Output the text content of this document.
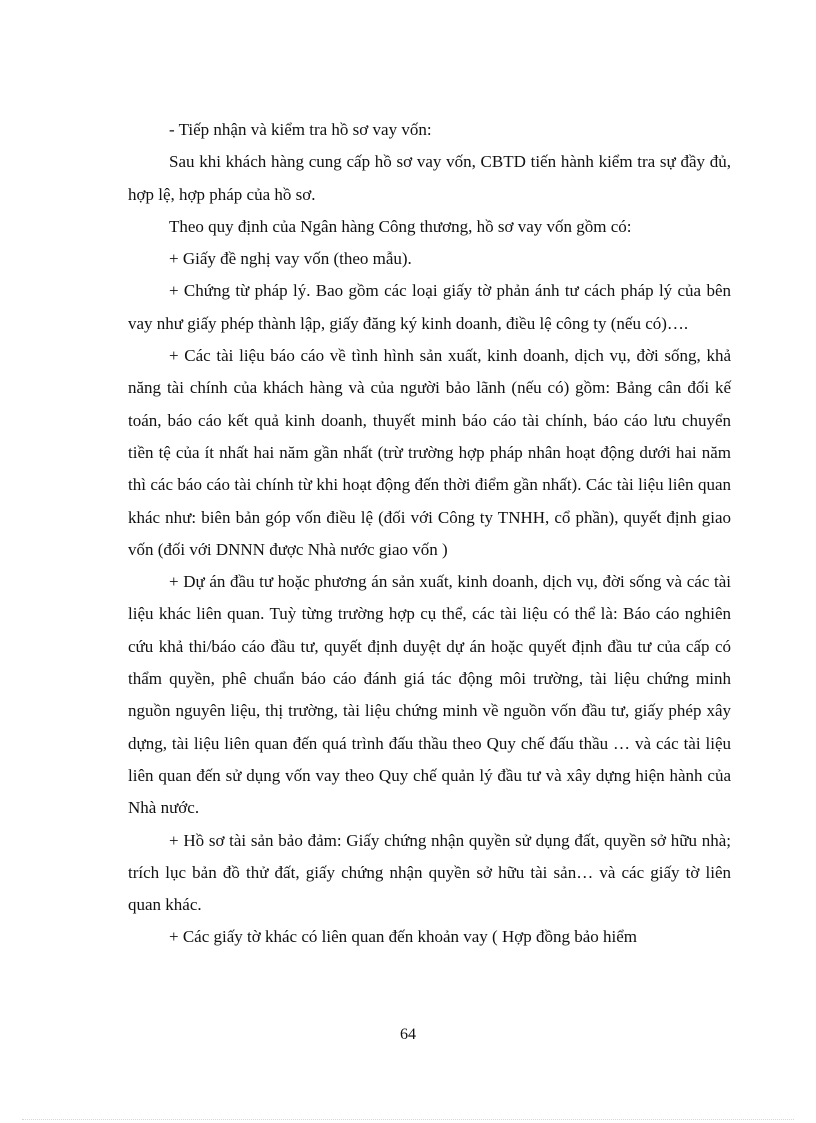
- Tiếp nhận và kiểm tra hồ sơ vay vốn:

Sau khi khách hàng cung cấp hồ sơ vay vốn, CBTD tiến hành kiểm tra sự đầy đủ, hợp lệ, hợp pháp của hồ sơ.

Theo quy định của Ngân hàng Công thương, hồ sơ vay vốn gồm có:

+ Giấy đề nghị vay vốn (theo mẫu).

+ Chứng từ pháp lý. Bao gồm các loại giấy tờ phản ánh tư cách pháp lý của bên vay như giấy phép thành lập, giấy đăng ký kinh doanh, điều lệ công ty (nếu có)….

+ Các tài liệu báo cáo về tình hình sản xuất, kinh doanh, dịch vụ, đời sống, khả năng tài chính của khách hàng và của người bảo lãnh (nếu có) gồm: Bảng cân đối kế toán, báo cáo kết quả kinh doanh, thuyết minh báo cáo tài chính, báo cáo lưu chuyển tiền tệ của ít nhất hai năm gần nhất (trừ trường hợp pháp nhân hoạt động dưới hai năm thì các báo cáo tài chính từ khi hoạt động đến thời điểm gần nhất). Các tài liệu liên quan khác như: biên bản góp vốn điều lệ (đối với Công ty TNHH, cổ phần), quyết định giao vốn (đối với DNNN được Nhà nước giao vốn )

+ Dự án đầu tư hoặc phương án sản xuất, kinh doanh, dịch vụ, đời sống và các tài liệu khác liên quan. Tuỳ từng trường hợp cụ thể, các tài liệu có thể là: Báo cáo nghiên cứu khả thi/báo cáo đầu tư, quyết định duyệt dự án hoặc quyết định đầu tư của cấp có thẩm quyền, phê chuẩn báo cáo đánh giá tác động môi trường, tài liệu chứng minh nguồn nguyên liệu, thị trường, tài liệu chứng minh về nguồn vốn đầu tư, giấy phép xây dựng, tài liệu liên quan đến quá trình đấu thầu theo Quy chế đấu thầu … và các tài liệu liên quan đến sử dụng vốn vay theo Quy chế quản lý đầu tư và xây dựng hiện hành của Nhà nước.

+ Hồ sơ tài sản bảo đảm: Giấy chứng nhận quyền sử dụng đất, quyền sở hữu nhà; trích lục bản đồ thử đất, giấy chứng nhận quyền sở hữu tài sản… và các giấy tờ liên quan khác.

+ Các giấy tờ khác có liên quan đến khoản vay ( Hợp đồng bảo hiểm

64
